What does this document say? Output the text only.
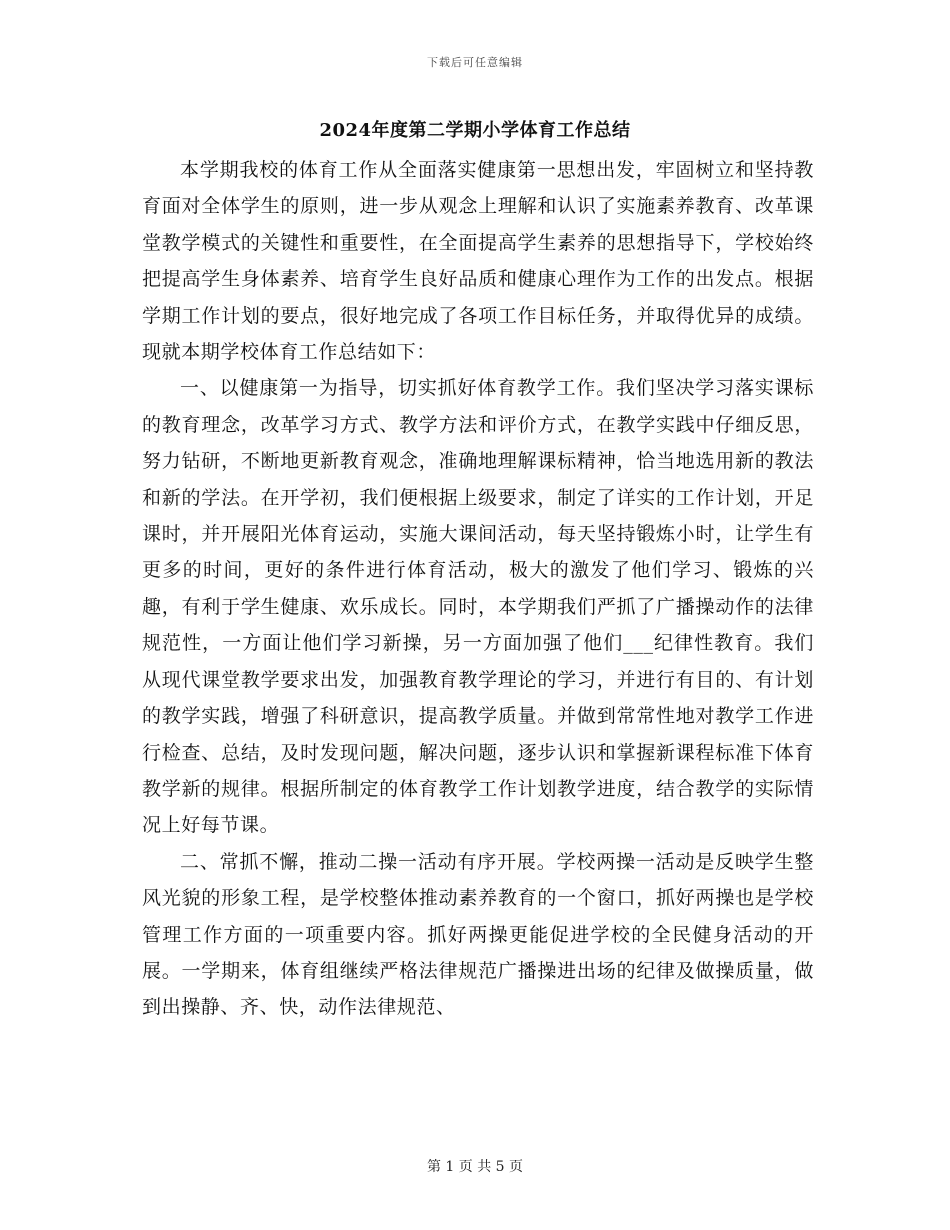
下载后可任意编辑
2024年度第二学期小学体育工作总结

本学期我校的体育工作从全面落实健康第一思想出发，牢固树立和坚持教育面对全体学生的原则，进一步从观念上理解和认识了实施素养教育、改革课堂教学模式的关键性和重要性，在全面提高学生素养的思想指导下，学校始终把提高学生身体素养、培育学生良好品质和健康心理作为工作的出发点。根据学期工作计划的要点，很好地完成了各项工作目标任务，并取得优异的成绩。现就本期学校体育工作总结如下：

一、以健康第一为指导，切实抓好体育教学工作。我们坚决学习落实课标的教育理念，改革学习方式、教学方法和评价方式，在教学实践中仔细反思，努力钻研，不断地更新教育观念，准确地理解课标精神，恰当地选用新的教法和新的学法。在开学初，我们便根据上级要求，制定了详实的工作计划，开足课时，并开展阳光体育运动，实施大课间活动，每天坚持锻炼小时，让学生有更多的时间，更好的条件进行体育活动，极大的激发了他们学习、锻炼的兴趣，有利于学生健康、欢乐成长。同时，本学期我们严抓了广播操动作的法律规范性，一方面让他们学习新操，另一方面加强了他们___纪律性教育。我们从现代课堂教学要求出发，加强教育教学理论的学习，并进行有目的、有计划的教学实践，增强了科研意识，提高教学质量。并做到常常性地对教学工作进行检查、总结，及时发现问题，解决问题，逐步认识和掌握新课程标准下体育教学新的规律。根据所制定的体育教学工作计划教学进度，结合教学的实际情况上好每节课。

二、常抓不懈，推动二操一活动有序开展。学校两操一活动是反映学生整风光貌的形象工程，是学校整体推动素养教育的一个窗口，抓好两操也是学校管理工作方面的一项重要内容。抓好两操更能促进学校的全民健身活动的开展。一学期来，体育组继续严格法律规范广播操进出场的纪律及做操质量，做到出操静、齐、快，动作法律规范、

第 1 页 共 5 页
